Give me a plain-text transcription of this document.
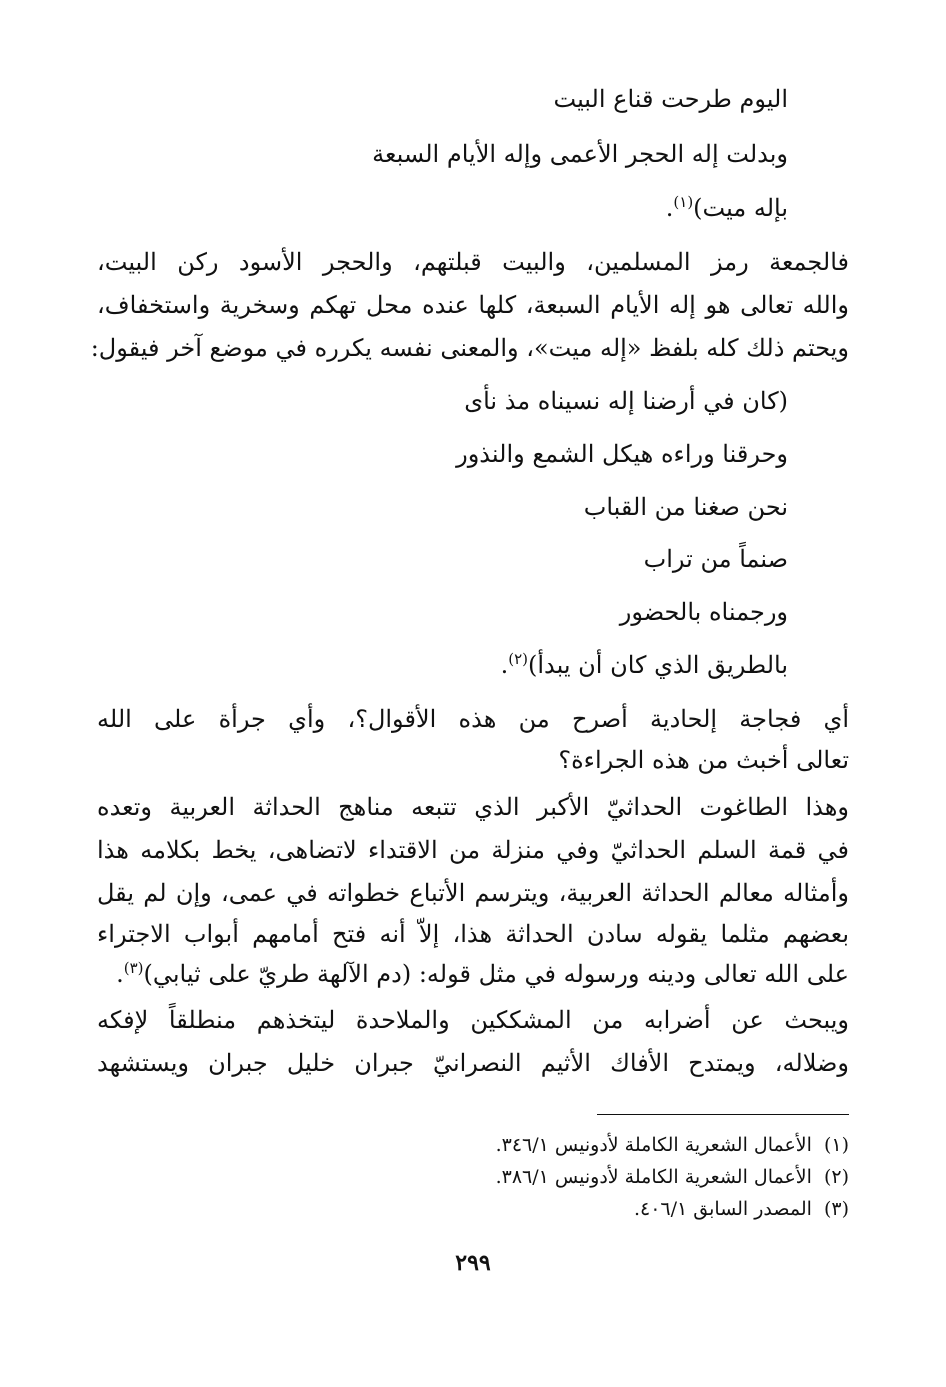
اليوم طرحت قناع البيت
وبدلت إله الحجر الأعمى وإله الأيام السبعة
بإله ميت)$^{(١)}$.
فالجمعة رمز المسلمين، والبيت قبلتهم، والحجر الأسود ركن البيت،
والله تعالى هو إله الأيام السبعة، كلها عنده محل تهكم وسخرية واستخفاف،
ويحتم ذلك كله بلفظ «إله ميت»، والمعنى نفسه يكرره في موضع آخر فيقول:
(كان في أرضنا إله نسيناه مذ نأى
وحرقنا وراءه هيكل الشمع والنذور
نحن صغنا من القباب
صنماً من تراب
ورجمناه بالحضور
بالطريق الذي كان أن يبدأ)$^{(٢)}$.
أي فجاجة إلحادية أصرح من هذه الأقوال؟، وأي جرأة على الله
تعالى أخبث من هذه الجراءة؟
وهذا الطاغوت الحداثيّ الأكبر الذي تتبعه مناهج الحداثة العربية وتعده
في قمة السلم الحداثيّ وفي منزلة من الاقتداء لاتضاهى، يخط بكلامه هذا
وأمثاله معالم الحداثة العربية، ويترسم الأتباع خطواته في عمى، وإن لم يقل
بعضهم مثلما يقوله سادن الحداثة هذا، إلاّ أنه فتح أمامهم أبواب الاجتراء
على الله تعالى ودينه ورسوله في مثل قوله: (دم الآلهة طريّ على ثيابي)$^{(٣)}$.
ويبحث عن أضرابه من المشككين والملاحدة ليتخذهم منطلقاً لإفكه
وضلاله، ويمتدح الأفاك الأثيم النصرانيّ جبران خليل جبران ويستشهد
(١)الأعمال الشعرية الكاملة لأدونيس ٣٤٦/١.
(٢)الأعمال الشعرية الكاملة لأدونيس ٣٨٦/١.
(٣)المصدر السابق ٤٠٦/١.
٢٩٩
